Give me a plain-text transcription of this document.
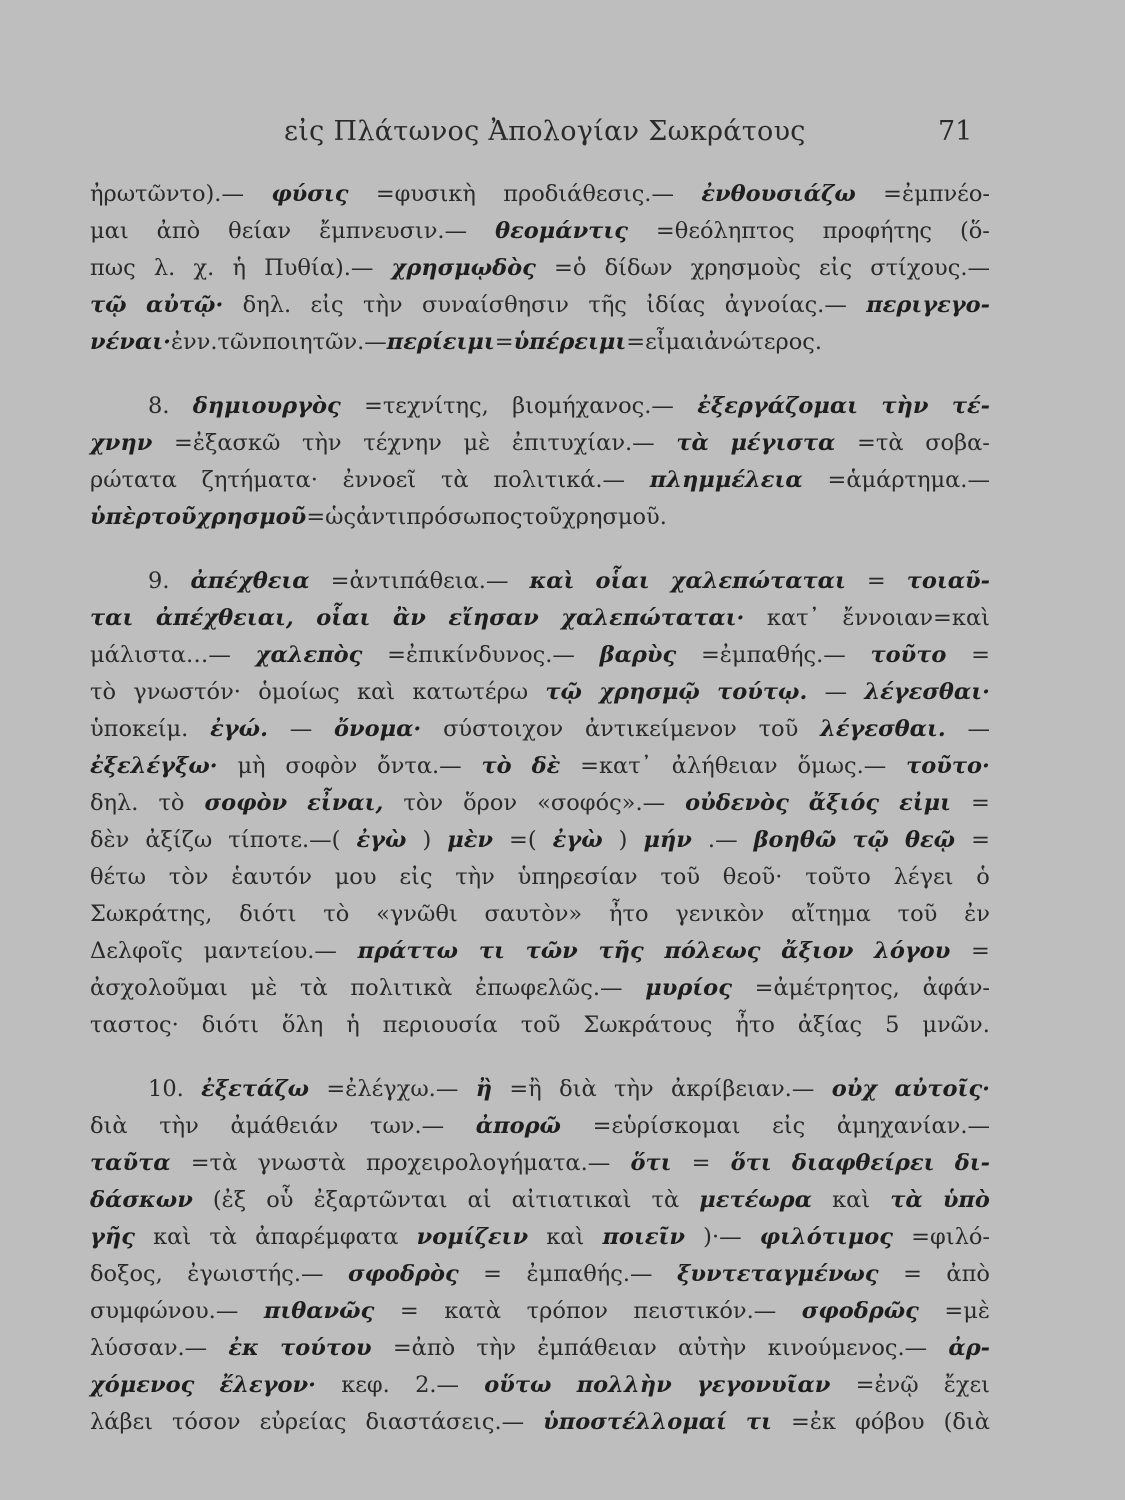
εἰς Πλάτωνος Ἀπολογίαν Σωκράτους	71
ἠρωτῶντο).— φύσις =φυσικὴ προδιάθεσις.— ἐνθουσιάζω =ἐμπνέο-
μαι ἀπὸ θείαν ἔμπνευσιν.— θεομάντις =θεόληπτος προφήτης (ὅ-
πως λ. χ. ἡ Πυθία).— χρησμῳδὸς =ὁ δίδων χρησμοὺς εἰς στίχους.—
τῷ αὐτῷ· δηλ. εἰς τὴν συναίσθησιν τῆς ἰδίας ἀγνοίας.— περιγεγο-
νέναι· ἐνν. τῶν ποιητῶν.— περίειμι = ὑπέρειμι =εἶμαι ἀνώτερος.
8. δημιουργὸς =τεχνίτης, βιομήχανος.— ἐξεργάζομαι τὴν τέ-
χνην =ἐξασκῶ τὴν τέχνην μὲ ἐπιτυχίαν.— τὰ μέγιστα =τὰ σοβα-
ρώτατα ζητήματα· ἐννοεῖ τὰ πολιτικά.— πλημμέλεια =ἁμάρτημα.—
ὑπὲρ τοῦ χρησμοῦ =ὡς ἀντιπρόσωπος τοῦ χρησμοῦ.
9. ἀπέχθεια =ἀντιπάθεια.— καὶ οἷαι χαλεπώταται = τοιαῦ-
ται ἀπέχθειαι, οἷαι ἂν εἴησαν χαλεπώταται· κατ᾽ ἔννοιαν=καὶ
μάλιστα…— χαλεπὸς =ἐπικίνδυνος.— βαρὺς =ἐμπαθής.— τοῦτο =
τὸ γνωστόν· ὁμοίως καὶ κατωτέρω τῷ χρησμῷ τούτῳ. — λέγεσθαι·
ὑποκείμ. ἐγώ. — ὄνομα· σύστοιχον ἀντικείμενον τοῦ λέγεσθαι. —
ἐξελέγξω· μὴ σοφὸν ὄντα.— τὸ δὲ =κατ᾽ ἀλήθειαν ὅμως.— τοῦτο·
δηλ. τὸ σοφὸν εἶναι, τὸν ὅρον «σοφός».— οὐδενὸς ἄξιός εἰμι =
δὲν ἀξίζω τίποτε.—( ἐγὼ ) μὲν =( ἐγὼ ) μήν .— βοηθῶ τῷ θεῷ =
θέτω τὸν ἑαυτόν μου εἰς τὴν ὑπηρεσίαν τοῦ θεοῦ· τοῦτο λέγει ὁ
Σωκράτης, διότι τὸ «γνῶθι σαυτὸν» ἦτο γενικὸν αἴτημα τοῦ ἐν
Δελφοῖς μαντείου.— πράττω τι τῶν τῆς πόλεως ἄξιον λόγου =
ἀσχολοῦμαι μὲ τὰ πολιτικὰ ἐπωφελῶς.— μυρίος =ἀμέτρητος, ἀφάν-
ταστος· διότι ὅλη ἡ περιουσία τοῦ Σωκράτους ἦτο ἀξίας 5 μνῶν.
10. ἐξετάζω =ἐλέγχω.— ἢ =ἢ διὰ τὴν ἀκρίβειαν.— οὐχ αὐτοῖς·
διὰ τὴν ἀμάθειάν των.— ἀπορῶ =εὑρίσκομαι εἰς ἀμηχανίαν.—
ταῦτα =τὰ γνωστὰ προχειρολογήματα.— ὅτι = ὅτι διαφθείρει δι-
δάσκων (ἐξ οὗ ἐξαρτῶνται αἱ αἰτιατικαὶ τὰ μετέωρα καὶ τὰ ὑπὸ
γῆς καὶ τὰ ἀπαρέμφατα νομίζειν καὶ ποιεῖν )·— φιλότιμος =φιλό-
δοξος, ἐγωιστής.— σφοδρὸς = ἐμπαθής.— ξυντεταγμένως = ἀπὸ
συμφώνου.— πιθανῶς = κατὰ τρόπον πειστικόν.— σφοδρῶς =μὲ
λύσσαν.— ἐκ τούτου =ἀπὸ τὴν ἐμπάθειαν αὐτὴν κινούμενος.— ἀρ-
χόμενος ἔλεγον· κεφ. 2.— οὕτω πολλὴν γεγονυῖαν =ἐνῷ ἔχει
λάβει τόσον εὐρείας διαστάσεις.— ὑποστέλλομαί τι =ἐκ φόβου (διὰ
